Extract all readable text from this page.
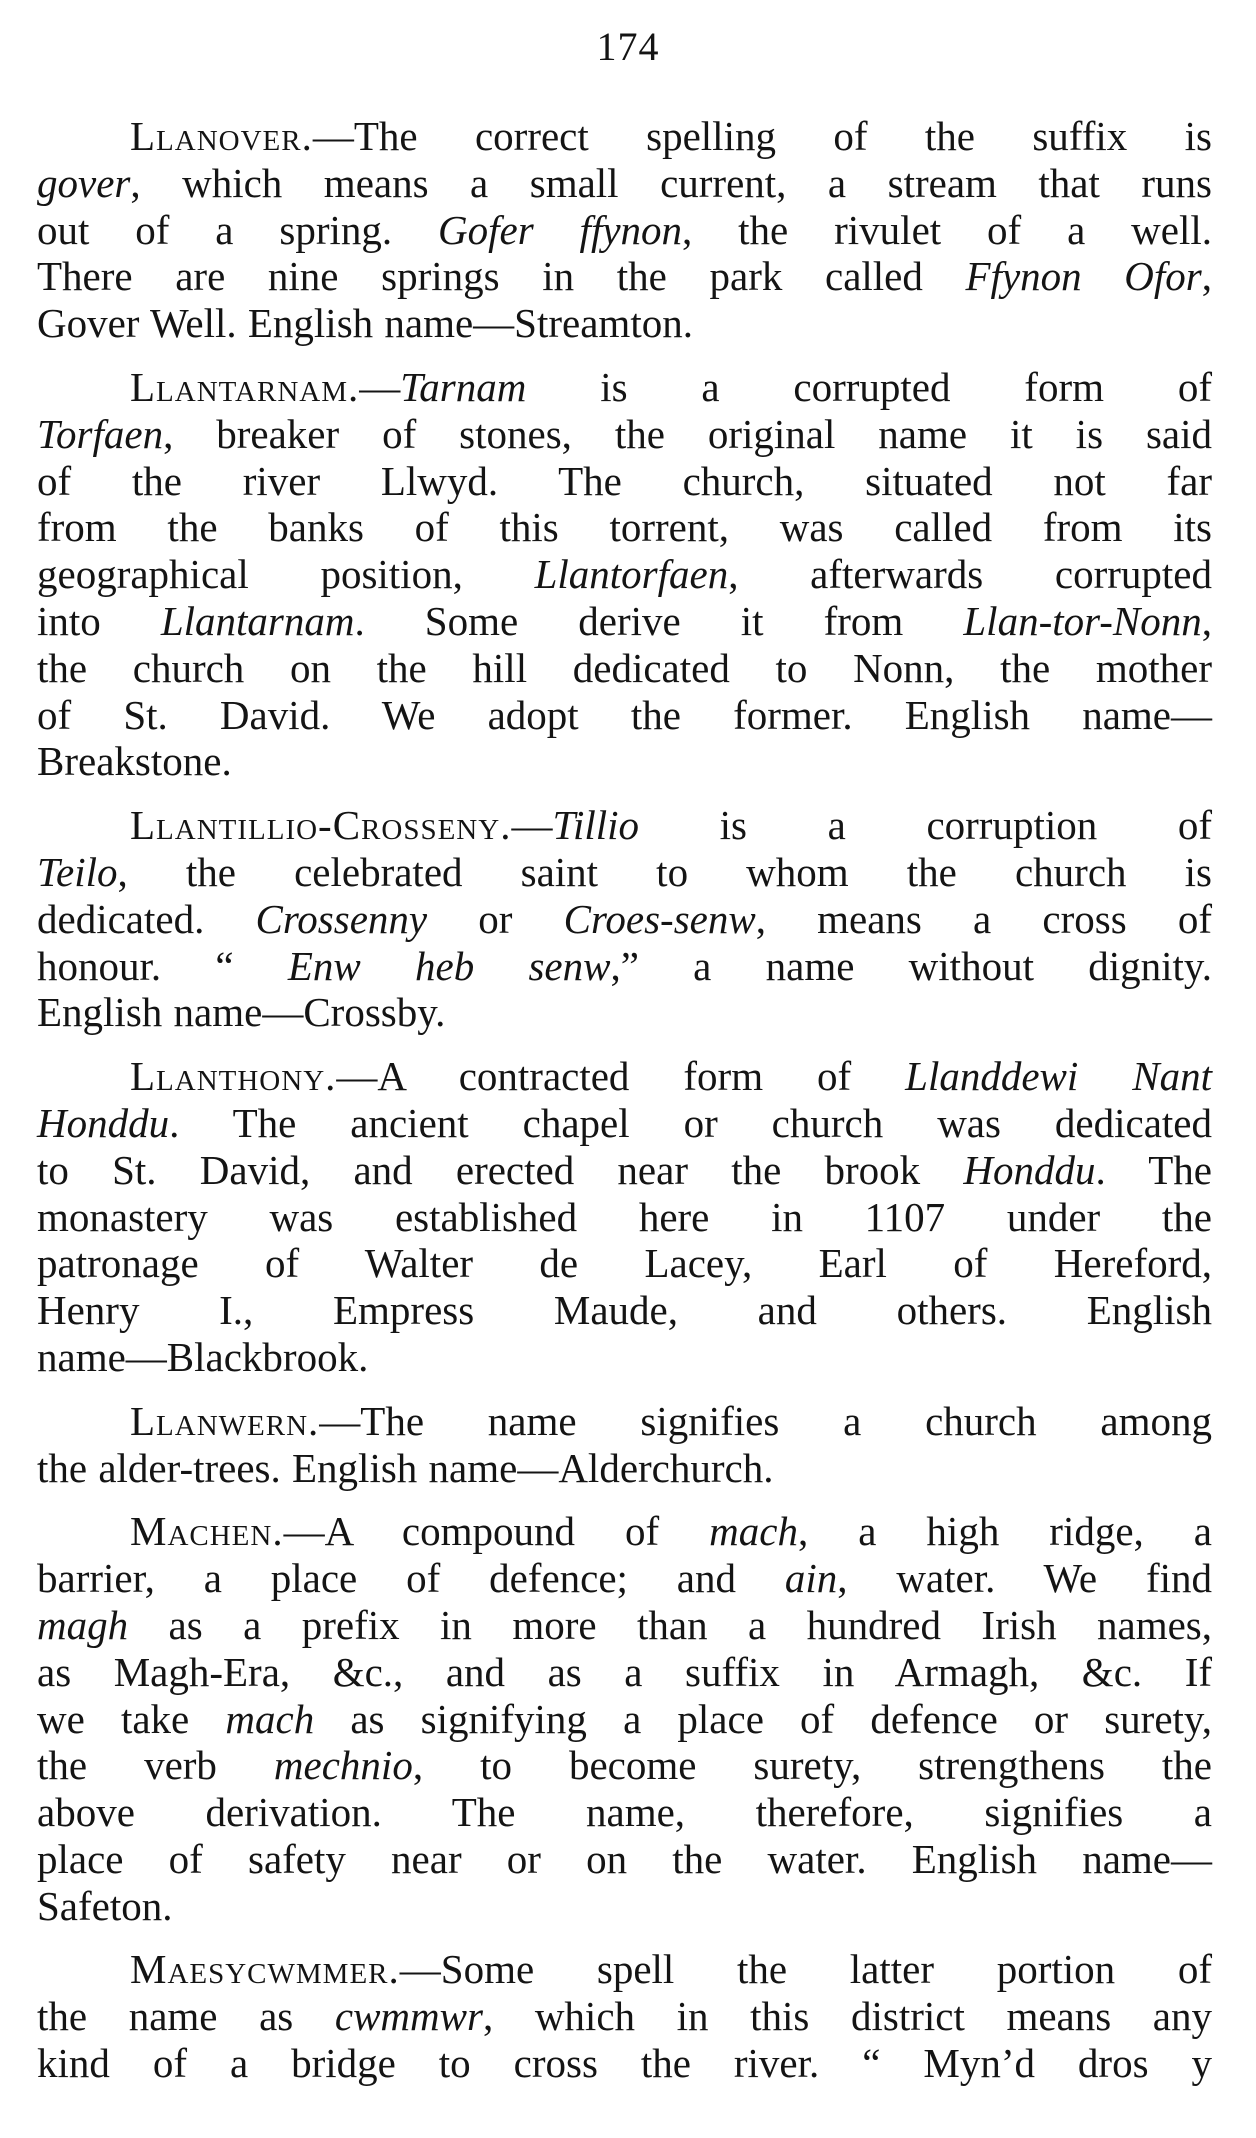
174
Llanover.—The correct spelling of the suffix is
gover, which means a small current, a stream that runs
out of a spring. Gofer ffynon, the rivulet of a well.
There are nine springs in the park called Ffynon Ofor,
Gover Well. English name—Streamton.
Llantarnam.—Tarnam is a corrupted form of
Torfaen, breaker of stones, the original name it is said
of the river Llwyd. The church, situated not far
from the banks of this torrent, was called from its
geographical position, Llantorfaen, afterwards corrupted
into Llantarnam. Some derive it from Llan-tor-Nonn,
the church on the hill dedicated to Nonn, the mother
of St. David. We adopt the former. English name—
Breakstone.
Llantillio-Crosseny.—Tillio is a corruption of
Teilo, the celebrated saint to whom the church is
dedicated. Crossenny or Croes-senw, means a cross of
honour. “ Enw heb senw,” a name without dignity.
English name—Crossby.
Llanthony.—A contracted form of Llanddewi Nant
Honddu. The ancient chapel or church was dedicated
to St. David, and erected near the brook Honddu. The
monastery was established here in 1107 under the
patronage of Walter de Lacey, Earl of Hereford,
Henry I., Empress Maude, and others. English
name—Blackbrook.
Llanwern.—The name signifies a church among
the alder-trees. English name—Alderchurch.
Machen.—A compound of mach, a high ridge, a
barrier, a place of defence; and ain, water. We find
magh as a prefix in more than a hundred Irish names,
as Magh-Era, &c., and as a suffix in Armagh, &c. If
we take mach as signifying a place of defence or surety,
the verb mechnio, to become surety, strengthens the
above derivation. The name, therefore, signifies a
place of safety near or on the water. English name—
Safeton.
Maesycwmmer.—Some spell the latter portion of
the name as cwmmwr, which in this district means any
kind of a bridge to cross the river. “ Myn’d dros y
